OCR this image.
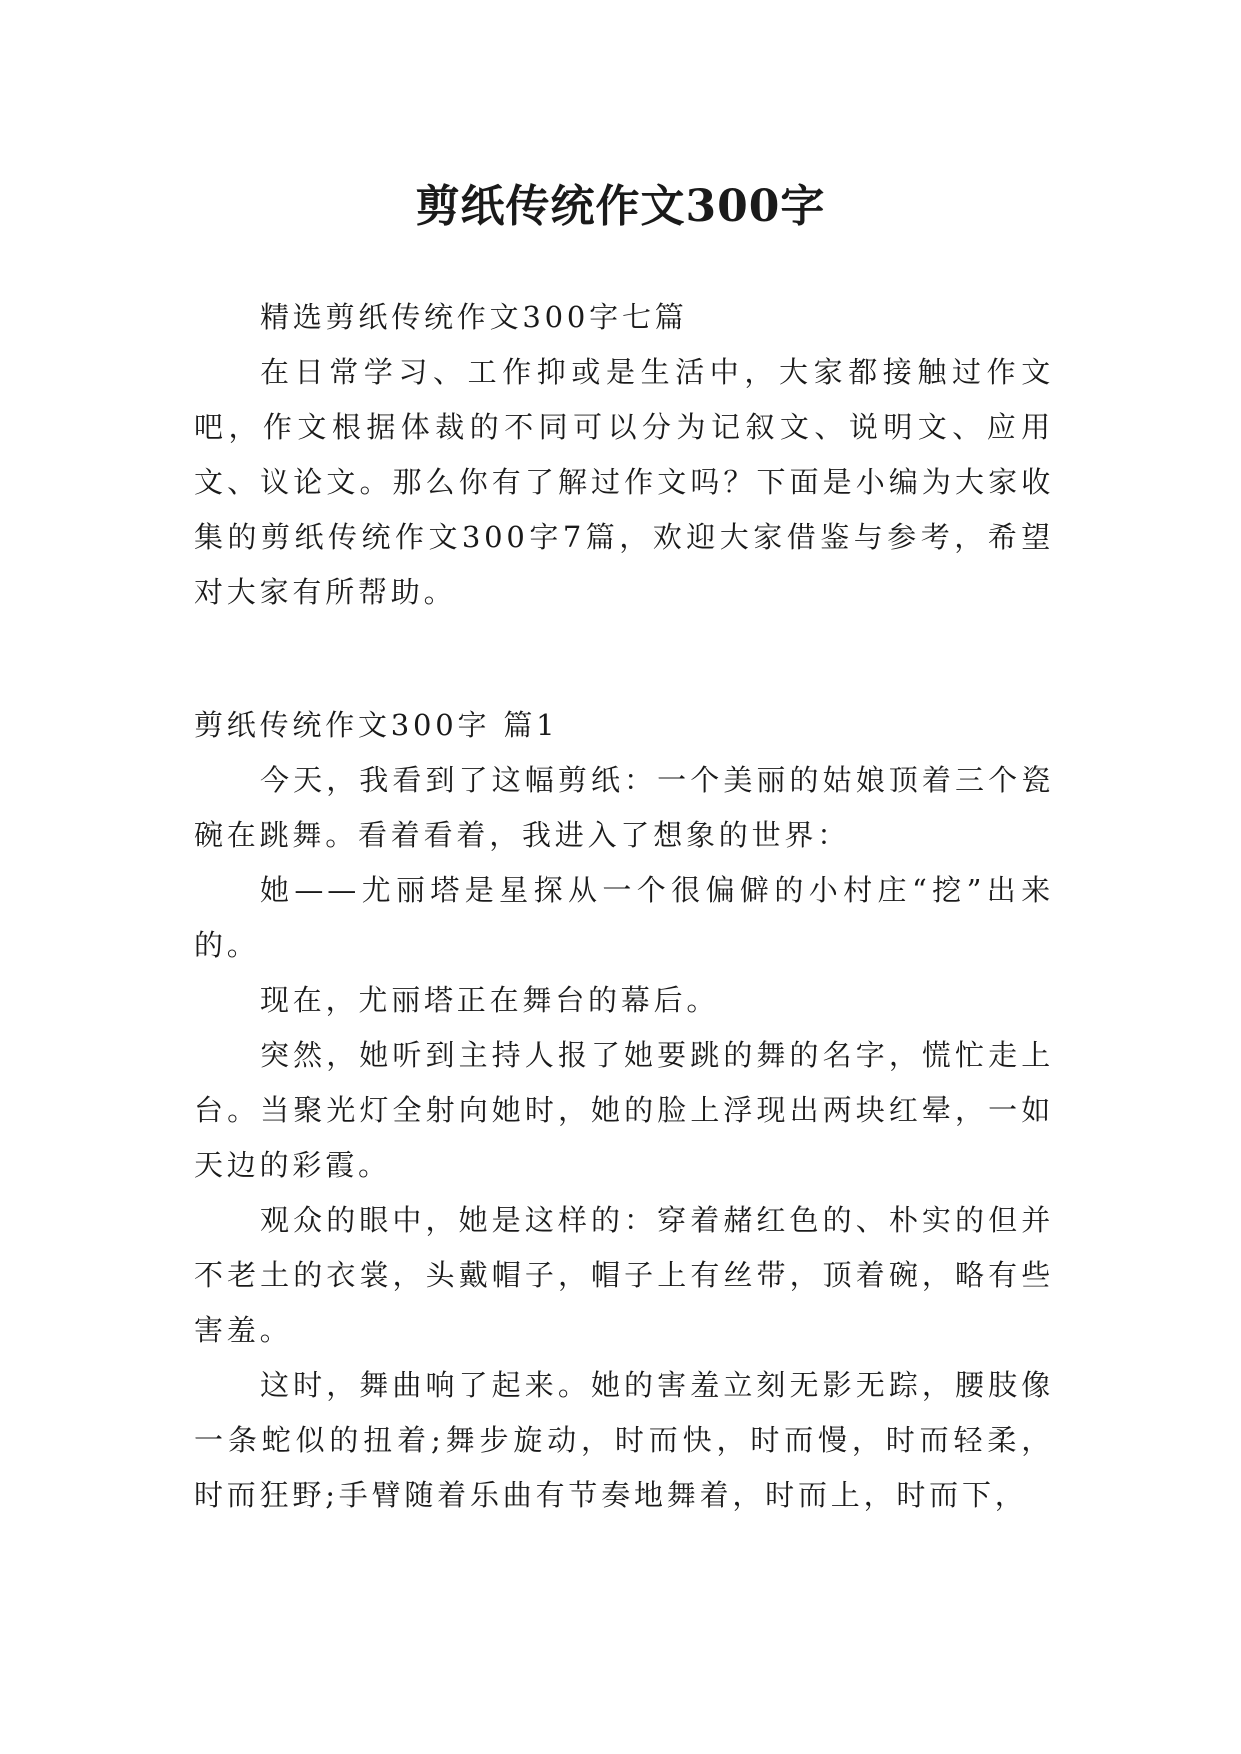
剪纸传统作文300字

精选剪纸传统作文300字七篇

在日常学习、工作抑或是生活中，大家都接触过作文吧，作文根据体裁的不同可以分为记叙文、说明文、应用文、议论文。那么你有了解过作文吗？下面是小编为大家收集的剪纸传统作文300字7篇，欢迎大家借鉴与参考，希望对大家有所帮助。

剪纸传统作文300字 篇1

今天，我看到了这幅剪纸：一个美丽的姑娘顶着三个瓷碗在跳舞。看着看着，我进入了想象的世界：

她——尤丽塔是星探从一个很偏僻的小村庄“挖”出来的。

现在，尤丽塔正在舞台的幕后。

突然，她听到主持人报了她要跳的舞的名字，慌忙走上台。当聚光灯全射向她时，她的脸上浮现出两块红晕，一如天边的彩霞。

观众的眼中，她是这样的：穿着赭红色的、朴实的但并不老土的衣裳，头戴帽子，帽子上有丝带，顶着碗，略有些害羞。

这时，舞曲响了起来。她的害羞立刻无影无踪，腰肢像一条蛇似的扭着;舞步旋动，时而快，时而慢，时而轻柔，时而狂野;手臂随着乐曲有节奏地舞着，时而上，时而下，
